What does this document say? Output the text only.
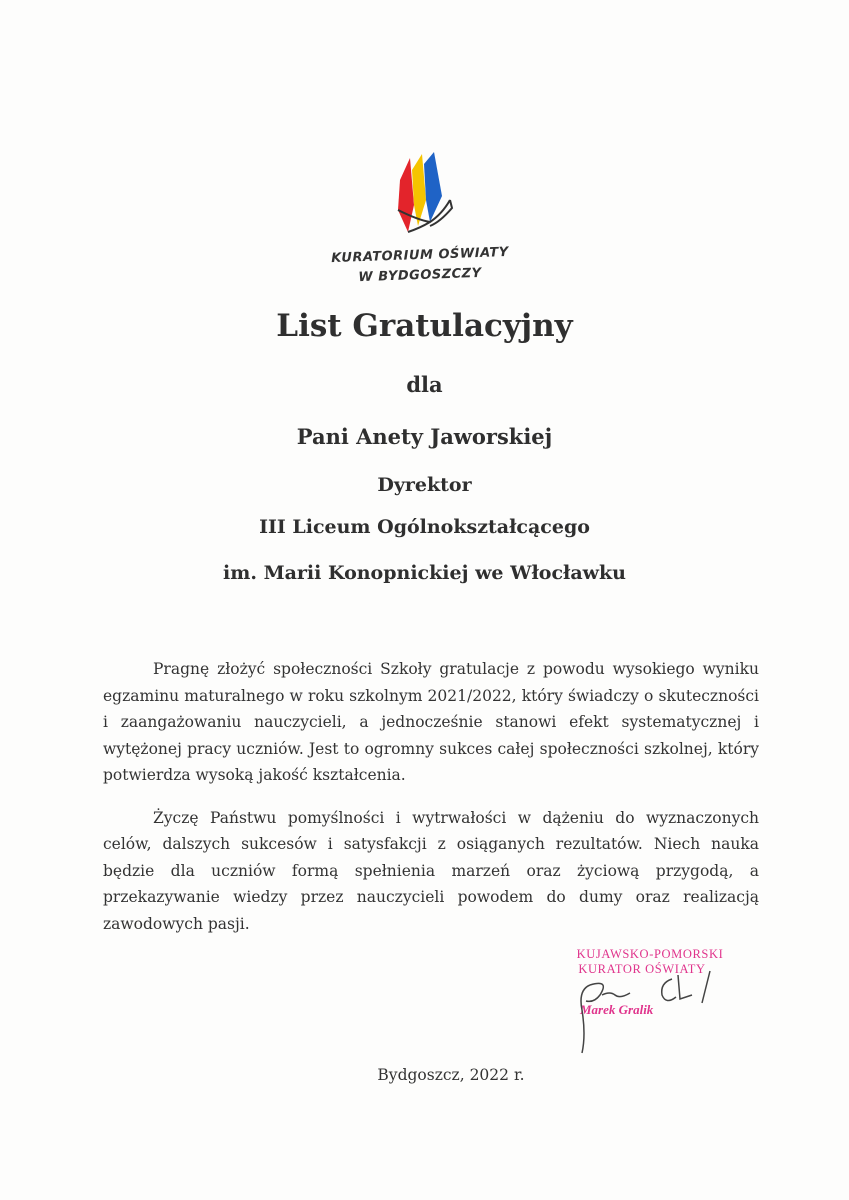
KURATORIUM OŚWIATY
W BYDGOSZCZY
List Gratulacyjny
dla
Pani Anety Jaworskiej
Dyrektor
III Liceum Ogólnokształcącego
im. Marii Konopnickiej we Włocławku

Pragnę złożyć społeczności Szkoły gratulacje z powodu wysokiego wyniku egzaminu maturalnego w roku szkolnym 2021/2022, który świadczy o skuteczności i zaangażowaniu nauczycieli, a jednocześnie stanowi efekt systematycznej i wytężonej pracy uczniów. Jest to ogromny sukces całej społeczności szkolnej, który potwierdza wysoką jakość kształcenia.

Życzę Państwu pomyślności i wytrwałości w dążeniu do wyznaczonych celów, dalszych sukcesów i satysfakcji z osiąganych rezultatów. Niech nauka będzie dla uczniów formą spełnienia marzeń oraz życiową przygodą, a przekazywanie wiedzy przez nauczycieli powodem do dumy oraz realizacją zawodowych pasji.

KUJAWSKO-POMORSKI
KURATOR OŚWIATY
Marek Gralik
Bydgoszcz, 2022 r.
